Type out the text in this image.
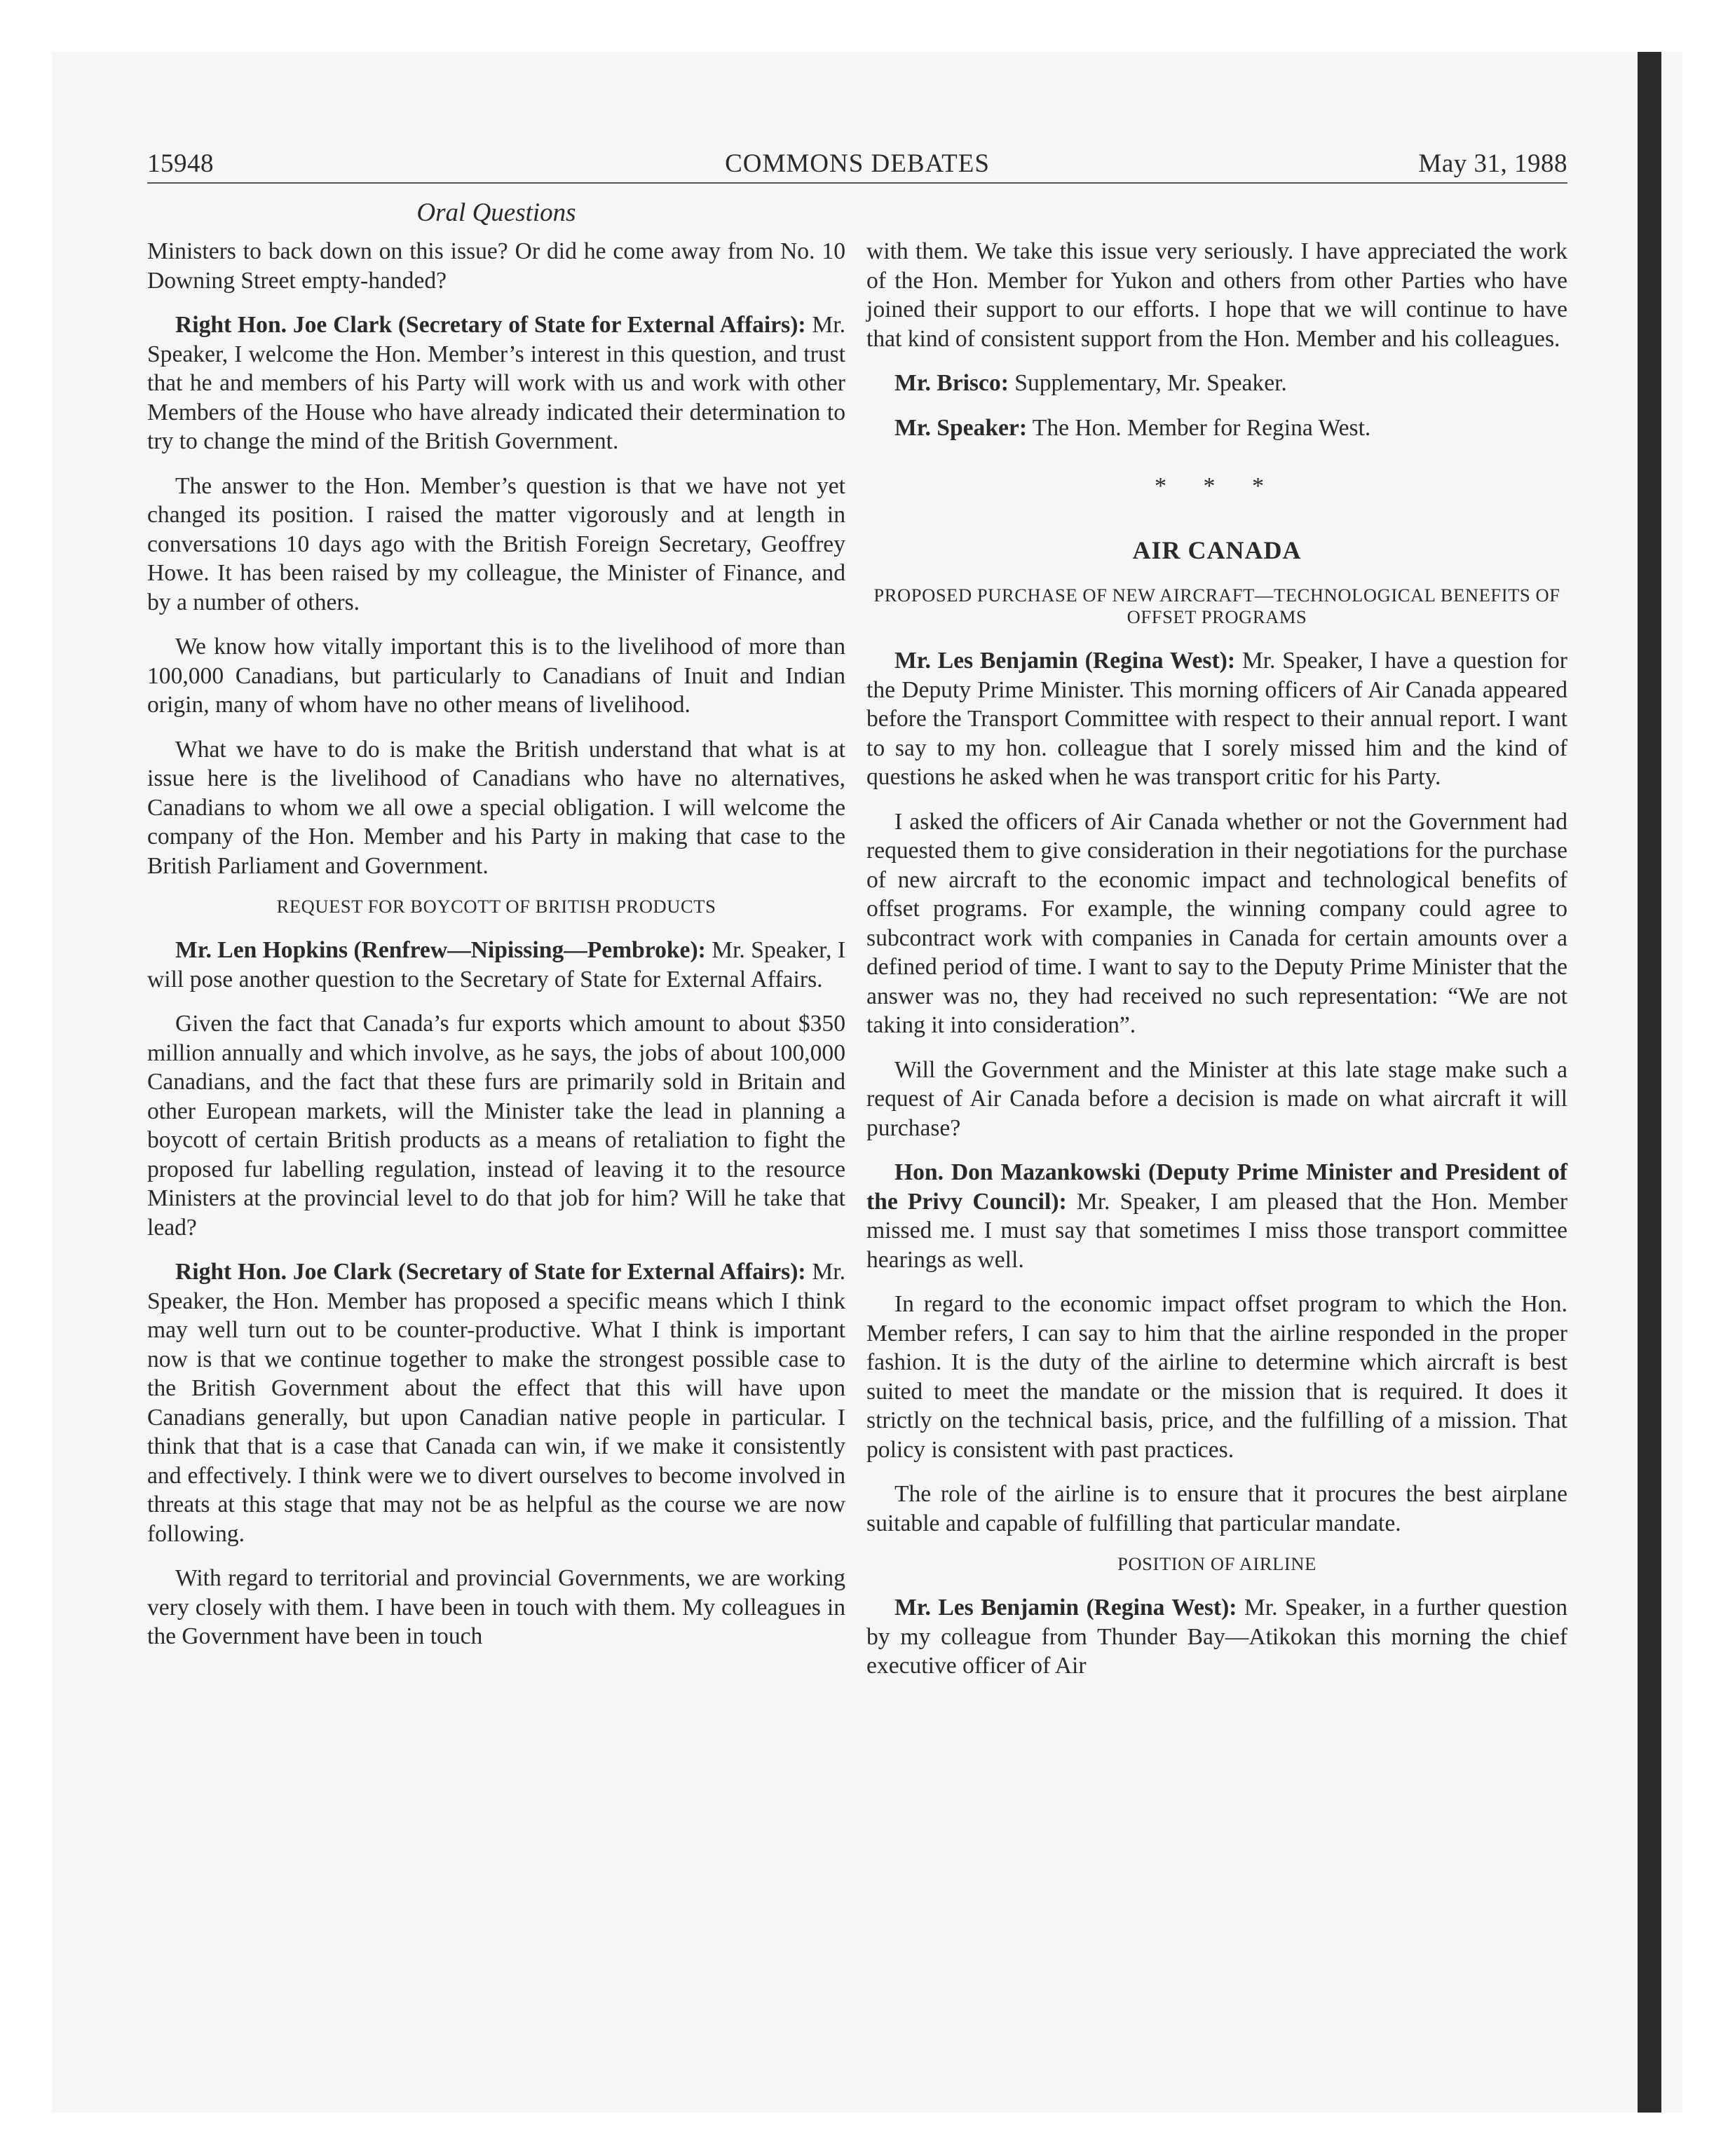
15948	COMMONS DEBATES	May 31, 1988
Oral Questions

Ministers to back down on this issue? Or did he come away from No. 10 Downing Street empty-handed?

Right Hon. Joe Clark (Secretary of State for External Affairs): Mr. Speaker, I welcome the Hon. Member’s interest in this question, and trust that he and members of his Party will work with us and work with other Members of the House who have already indicated their determination to try to change the mind of the British Government.

The answer to the Hon. Member’s question is that we have not yet changed its position. I raised the matter vigorously and at length in conversations 10 days ago with the British Foreign Secretary, Geoffrey Howe. It has been raised by my colleague, the Minister of Finance, and by a number of others.

We know how vitally important this is to the livelihood of more than 100,000 Canadians, but particularly to Canadians of Inuit and Indian origin, many of whom have no other means of livelihood.

What we have to do is make the British understand that what is at issue here is the livelihood of Canadians who have no alternatives, Canadians to whom we all owe a special obligation. I will welcome the company of the Hon. Member and his Party in making that case to the British Parliament and Government.

REQUEST FOR BOYCOTT OF BRITISH PRODUCTS

Mr. Len Hopkins (Renfrew—Nipissing—Pembroke): Mr. Speaker, I will pose another question to the Secretary of State for External Affairs.

Given the fact that Canada’s fur exports which amount to about $350 million annually and which involve, as he says, the jobs of about 100,000 Canadians, and the fact that these furs are primarily sold in Britain and other European markets, will the Minister take the lead in planning a boycott of certain British products as a means of retaliation to fight the proposed fur labelling regulation, instead of leaving it to the resource Ministers at the provincial level to do that job for him? Will he take that lead?

Right Hon. Joe Clark (Secretary of State for External Affairs): Mr. Speaker, the Hon. Member has proposed a specific means which I think may well turn out to be counter-productive. What I think is important now is that we continue together to make the strongest possible case to the British Government about the effect that this will have upon Canadians generally, but upon Canadian native people in particular. I think that that is a case that Canada can win, if we make it consistently and effectively. I think were we to divert ourselves to become involved in threats at this stage that may not be as helpful as the course we are now following.

With regard to territorial and provincial Governments, we are working very closely with them. I have been in touch with them. My colleagues in the Government have been in touch

with them. We take this issue very seriously. I have appreciated the work of the Hon. Member for Yukon and others from other Parties who have joined their support to our efforts. I hope that we will continue to have that kind of consistent support from the Hon. Member and his colleagues.

Mr. Brisco: Supplementary, Mr. Speaker.

Mr. Speaker: The Hon. Member for Regina West.

* * *
AIR CANADA
PROPOSED PURCHASE OF NEW AIRCRAFT—TECHNOLOGICAL BENEFITS OF OFFSET PROGRAMS

Mr. Les Benjamin (Regina West): Mr. Speaker, I have a question for the Deputy Prime Minister. This morning officers of Air Canada appeared before the Transport Committee with respect to their annual report. I want to say to my hon. colleague that I sorely missed him and the kind of questions he asked when he was transport critic for his Party.

I asked the officers of Air Canada whether or not the Government had requested them to give consideration in their negotiations for the purchase of new aircraft to the economic impact and technological benefits of offset programs. For example, the winning company could agree to subcontract work with companies in Canada for certain amounts over a defined period of time. I want to say to the Deputy Prime Minister that the answer was no, they had received no such representation: “We are not taking it into consideration”.

Will the Government and the Minister at this late stage make such a request of Air Canada before a decision is made on what aircraft it will purchase?

Hon. Don Mazankowski (Deputy Prime Minister and President of the Privy Council): Mr. Speaker, I am pleased that the Hon. Member missed me. I must say that sometimes I miss those transport committee hearings as well.

In regard to the economic impact offset program to which the Hon. Member refers, I can say to him that the airline responded in the proper fashion. It is the duty of the airline to determine which aircraft is best suited to meet the mandate or the mission that is required. It does it strictly on the technical basis, price, and the fulfilling of a mission. That policy is consistent with past practices.

The role of the airline is to ensure that it procures the best airplane suitable and capable of fulfilling that particular mandate.

POSITION OF AIRLINE

Mr. Les Benjamin (Regina West): Mr. Speaker, in a further question by my colleague from Thunder Bay—Atikokan this morning the chief executive officer of Air
